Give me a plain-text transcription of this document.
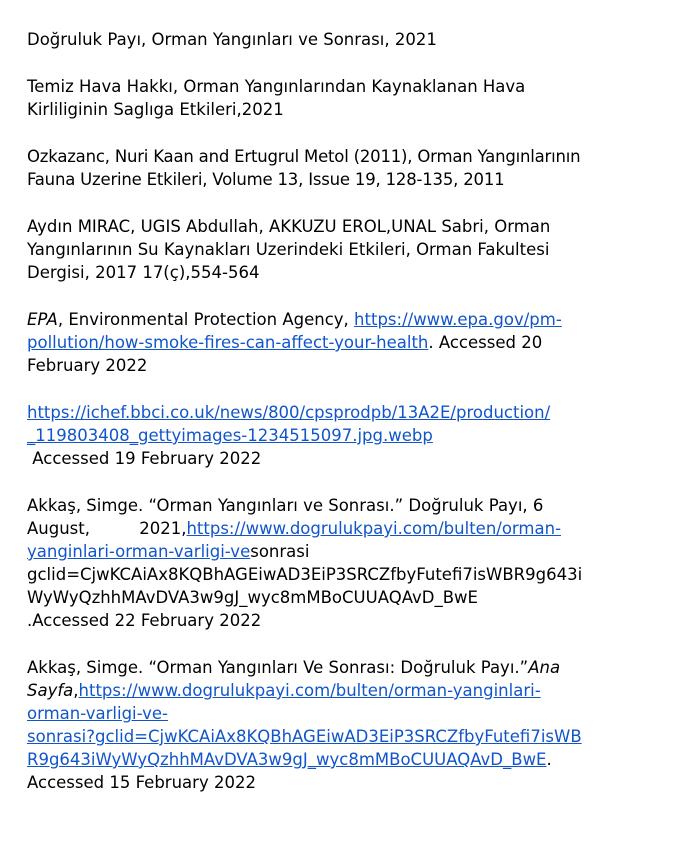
Doğruluk Payı, Orman Yangınları ve Sonrası, 2021

Temiz Hava Hakkı, Orman Yangınlarından Kaynaklanan Hava
Kirliliginin Saglıga Etkileri,2021

Ozkazanc, Nuri Kaan and Ertugrul Metol (2011), Orman Yangınlarının
Fauna Uzerine Etkileri, Volume 13, Issue 19, 128-135, 2011

Aydın MIRAC, UGIS Abdullah, AKKUZU EROL,UNAL Sabri, Orman
Yangınlarının Su Kaynakları Uzerindeki Etkileri, Orman Fakultesi
Dergisi, 2017 17(ç),554-564

EPA, Environmental Protection Agency, https://www.epa.gov/pm-
pollution/how-smoke-fires-can-affect-your-health. Accessed 20
February 2022

https://ichef.bbci.co.uk/news/800/cpsprodpb/13A2E/production/
_119803408_gettyimages-1234515097.jpg.webp
Accessed 19 February 2022

Akkaş, Simge. “Orman Yangınları ve Sonrası.” Doğruluk Payı, 6
August, 2021,https://www.dogrulukpayi.com/bulten/orman-
yanginlari-orman-varligi-vesonrasi
gclid=CjwKCAiAx8KQBhAGEiwAD3EiP3SRCZfbyFutefi7isWBR9g643i
WyWyQzhhMAvDVA3w9gJ_wyc8mMBoCUUAQAvD_BwE
.Accessed 22 February 2022

Akkaş, Simge. “Orman Yangınları Ve Sonrası: Doğruluk Payı.”Ana
Sayfa,https://www.dogrulukpayi.com/bulten/orman-yanginlari-
orman-varligi-ve-
sonrasi?gclid=CjwKCAiAx8KQBhAGEiwAD3EiP3SRCZfbyFutefi7isWB
R9g643iWyWyQzhhMAvDVA3w9gJ_wyc8mMBoCUUAQAvD_BwE.
Accessed 15 February 2022
